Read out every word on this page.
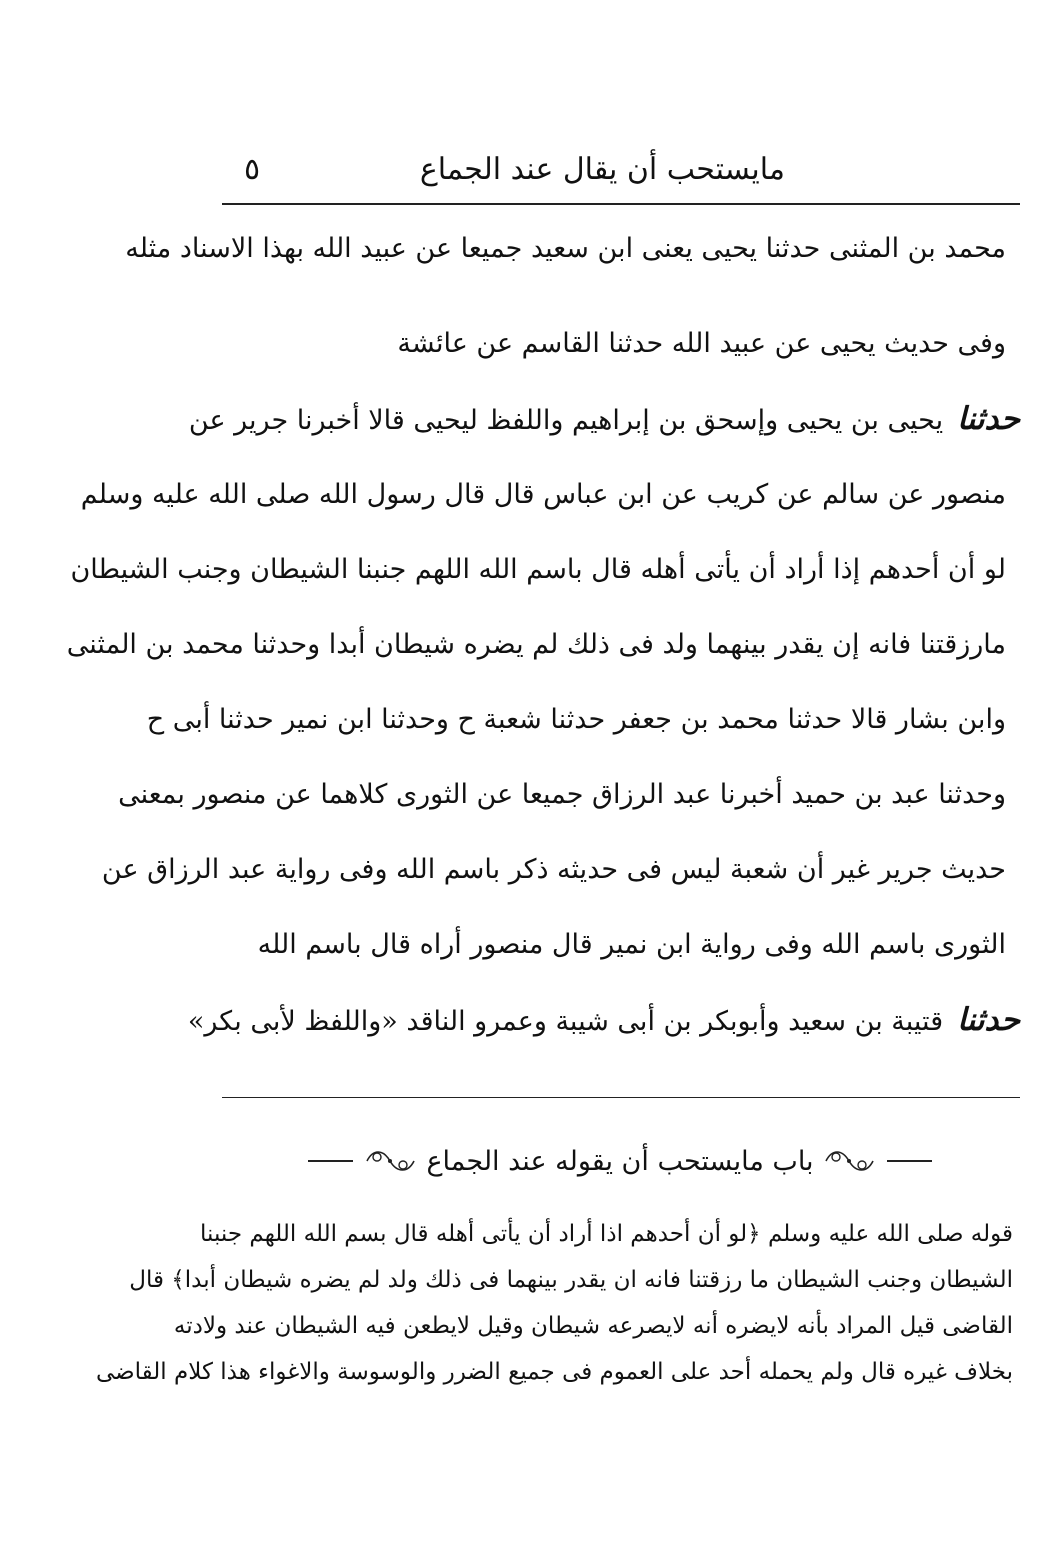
مايستحب أن يقال عند الجماع
٥
محمد بن المثنى حدثنا يحيى يعنى ابن سعيد جميعا عن عبيد الله بهذا الاسناد مثله
وفى حديث يحيى عن عبيد الله حدثنا القاسم عن عائشة
حدثنايحيى بن يحيى وإسحق بن إبراهيم واللفظ ليحيى قالا أخبرنا جرير عن
منصور عن سالم عن كريب عن ابن عباس قال قال رسول الله صلى الله عليه وسلم
لو أن أحدهم إذا أراد أن يأتى أهله قال باسم الله اللهم جنبنا الشيطان وجنب الشيطان
مارزقتنا فانه إن يقدر بينهما ولد فى ذلك لم يضره شيطان أبدا وحدثنا محمد بن المثنى
وابن بشار قالا حدثنا محمد بن جعفر حدثنا شعبة ح وحدثنا ابن نمير حدثنا أبى ح
وحدثنا عبد بن حميد أخبرنا عبد الرزاق جميعا عن الثورى كلاهما عن منصور بمعنى
حديث جرير غير أن شعبة ليس فى حديثه ذكر باسم الله وفى رواية عبد الرزاق عن
الثورى باسم الله وفى رواية ابن نمير قال منصور أراه قال باسم الله
حدثناقتيبة بن سعيد وأبوبكر بن أبى شيبة وعمرو الناقد «واللفظ لأبى بكر»
باب مايستحب أن يقوله عند الجماع
قوله صلى الله عليه وسلم ﴿لو أن أحدهم اذا أراد أن يأتى أهله قال بسم الله اللهم جنبنا
الشيطان وجنب الشيطان ما رزقتنا فانه ان يقدر بينهما فى ذلك ولد لم يضره شيطان أبدا﴾ قال
القاضى قيل المراد بأنه لايضره أنه لايصرعه شيطان وقيل لايطعن فيه الشيطان عند ولادته
بخلاف غيره قال ولم يحمله أحد على العموم فى جميع الضرر والوسوسة والاغواء هذا كلام القاضى
